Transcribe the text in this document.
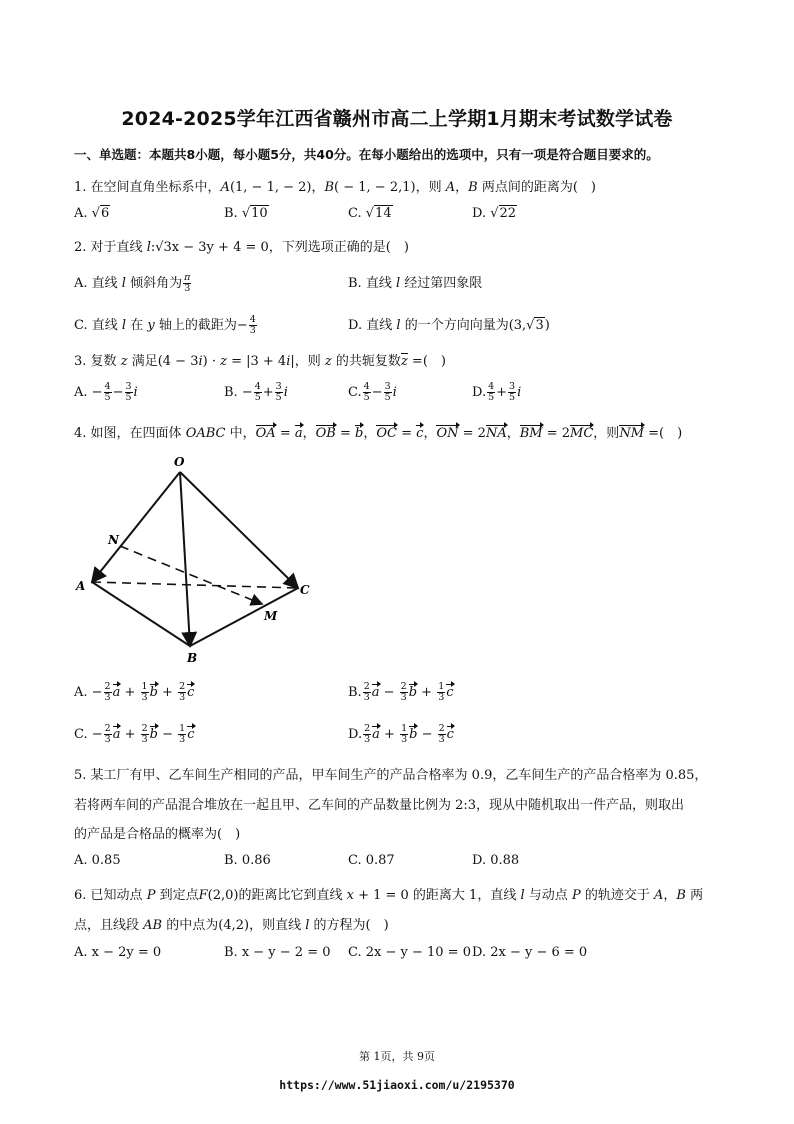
2024-2025学年江西省赣州市高二上学期1月期末考试数学试卷
一、单选题：本题共8小题，每小题5分，共40分。在每小题给出的选项中，只有一项是符合题目要求的。
1. 在空间直角坐标系中，A(1, − 1, − 2)，B( − 1, − 2,1)，则 A，B 两点间的距离为(　)
A. √6	B. √10	C. √14	D. √22
2. 对于直线 l:√3x − 3y + 4 = 0，下列选项正确的是(　)
A. 直线 l 倾斜角为 $\frac{\pi}{3}$	B. 直线 l 经过第四象限
C. 直线 l 在 y 轴上的截距为− $\frac{4}{3}$	D. 直线 l 的一个方向向量为(3,√3)
3. 复数 z 满足(4 − 3i) · z = |3 + 4i|，则 z 的共轭复数z =(　)
A. − $\frac{4}{5} - \frac{3}{5}$ i	B. − $\frac{4}{5} + \frac{3}{5}$ i	C. $\frac{4}{5} - \frac{3}{5}$ i	D. $\frac{4}{5} + \frac{3}{5}$ i
4. 如图，在四面体 OABC 中，OA = a，OB = b，OC = c，ON = 2NA，BM = 2MC，则NM =(　)
O
N
A	C
M
B
A. − $\frac{2}{3}$ $a + \frac{1}{3}$ $b + \frac{2}{3}$ c	B. $\frac{2}{3}$ $a - \frac{2}{3}$ $b + \frac{1}{3}$ c
C. − $\frac{2}{3}$ $a + \frac{2}{3}$ $b - \frac{1}{3}$ c	D. $\frac{2}{3}$ $a + \frac{1}{3}$ $b - \frac{2}{3}$ c
5. 某工厂有甲、乙车间生产相同的产品，甲车间生产的产品合格率为 0.9，乙车间生产的产品合格率为 0.85，
若将两车间的产品混合堆放在一起且甲、乙车间的产品数量比例为 2:3，现从中随机取出一件产品，则取出
的产品是合格品的概率为(　)
A. 0.85	B. 0.86	C. 0.87	D. 0.88
6. 已知动点 P 到定点F(2,0)的距离比它到直线 x + 1 = 0 的距离大 1，直线 l 与动点 P 的轨迹交于 A，B 两
点，且线段 AB 的中点为(4,2)，则直线 l 的方程为(　)
A. x − 2y = 0	B. x − y − 2 = 0 C. 2x − y − 10 = 0 D. 2x − y − 6 = 0
第 1页，共 9页
https://www.51jiaoxi.com/u/2195370
